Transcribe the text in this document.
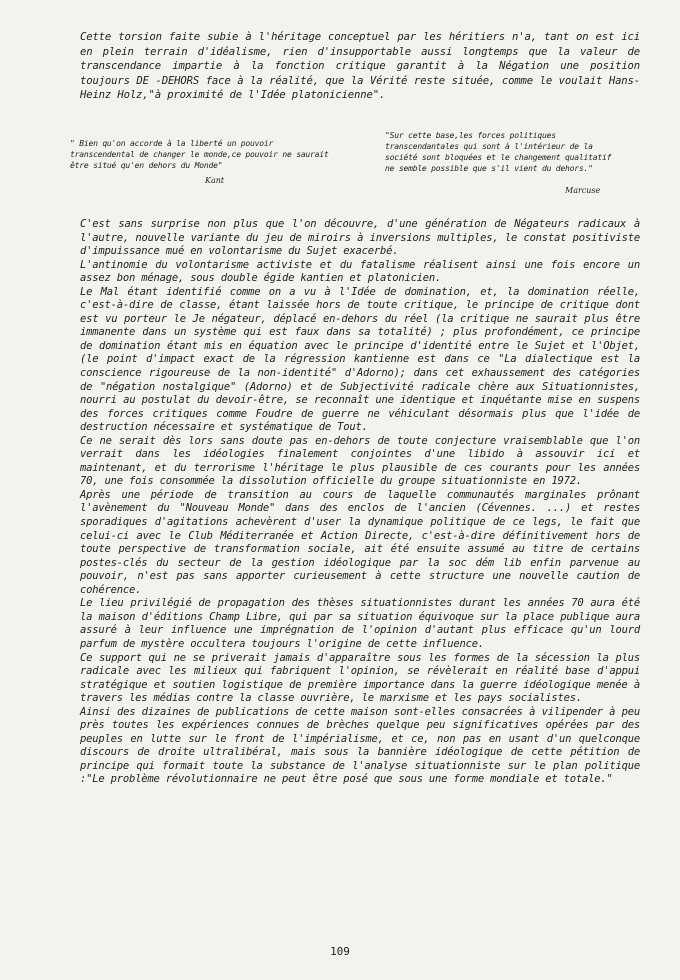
Cette torsion faite subie à l'héritage conceptuel par les héritiers n'a, tant on est ici en plein terrain d'idéalisme, rien d'insupportable aussi longtemps que la valeur de transcendance impartie à la fonction critique garantit à la Négation une position toujours DE -DEHORS face à la réalité, que la Vérité reste située, comme le voulait Hans-Heinz Holz,"à proximité de l'Idée platonicienne".
" Bien qu'on accorde à la liberté un pouvoir transcendental de changer le monde,ce pouvoir ne saurait être situé qu'en dehors du Monde"
Kant
"Sur cette base,les forces politiques transcendantales qui sont à l'intérieur de la société sont bloquées et le changement qualitatif ne semble possible que s'il vient du dehors."
Marcuse

C'est sans surprise non plus que l'on découvre, d'une génération de Négateurs radicaux à l'autre, nouvelle variante du jeu de miroirs à inversions multiples, le constat positiviste d'impuissance mué en volontarisme du Sujet exacerbé.

L'antinomie du volontarisme activiste et du fatalisme réalisent ainsi une fois encore un assez bon ménage, sous double égide kantien et platonicien.

Le Mal étant identifié comme on a vu à l'Idée de domination, et, la domination réelle, c'est-à-dire de classe, étant laissée hors de toute critique, le principe de critique dont est vu porteur le Je négateur, déplacé en-dehors du réel (la critique ne saurait plus être immanente dans un système qui est faux dans sa totalité) ; plus profondément, ce principe de domination étant mis en équation avec le principe d'identité entre le Sujet et l'Objet, (le point d'impact exact de la régression kantienne est dans ce "La dialectique est la conscience rigoureuse de la non-identité" d'Adorno); dans cet exhaussement des catégories de "négation nostalgique" (Adorno) et de Subjectivité radicale chère aux Situationnistes, nourri au postulat du devoir-être, se reconnaît une identique et inquétante mise en suspens des forces critiques comme Foudre de guerre ne véhiculant désormais plus que l'idée de destruction nécessaire et systématique de Tout.

Ce ne serait dès lors sans doute pas en-dehors de toute conjecture vraisemblable que l'on verrait dans les idéologies finalement conjointes d'une libido à assouvir ici et maintenant, et du terrorisme l'héritage le plus plausible de ces courants pour les années 70, une fois consommée la dissolution officielle du groupe situationniste en 1972.

Après une période de transition au cours de laquelle communautés marginales prônant l'avènement du "Nouveau Monde" dans des enclos de l'ancien (Cévennes. ...) et restes sporadiques d'agitations achevèrent d'user la dynamique politique de ce legs, le fait que celui-ci avec le Club Méditerranée et Action Directe, c'est-à-dire définitivement hors de toute perspective de transformation sociale, ait été ensuite assumé au titre de certains postes-clés du secteur de la gestion idéologique par la soc dém lib enfin parvenue au pouvoir, n'est pas sans apporter curieusement à cette structure une nouvelle caution de cohérence.

Le lieu privilégié de propagation des thèses situationnistes durant les années 70 aura été la maison d'éditions Champ Libre, qui par sa situation équivoque sur la place publique aura assuré à leur influence une imprégnation de l'opinion d'autant plus efficace qu'un lourd parfum de mystère occultera toujours l'origine de cette influence.

Ce support qui ne se priverait jamais d'apparaître sous les formes de la sécession la plus radicale avec les milieux qui fabriquent l'opinion, se révèlerait en réalité base d'appui stratégique et soutien logistique de première importance dans la guerre idéologique menée à travers les médias contre la classe ouvrière, le marxisme et les pays socialistes.

Ainsi des dizaines de publications de cette maison sont-elles consacrées à vilipender à peu près toutes les expériences connues de brèches quelque peu significatives opérées par des peuples en lutte sur le front de l'impérialisme, et ce, non pas en usant d'un quelconque discours de droite ultralibéral, mais sous la bannière idéologique de cette pétition de principe qui formait toute la substance de l'analyse situationniste sur le plan politique :"Le problème révolutionnaire ne peut être posé que sous une forme mondiale et totale."

109
